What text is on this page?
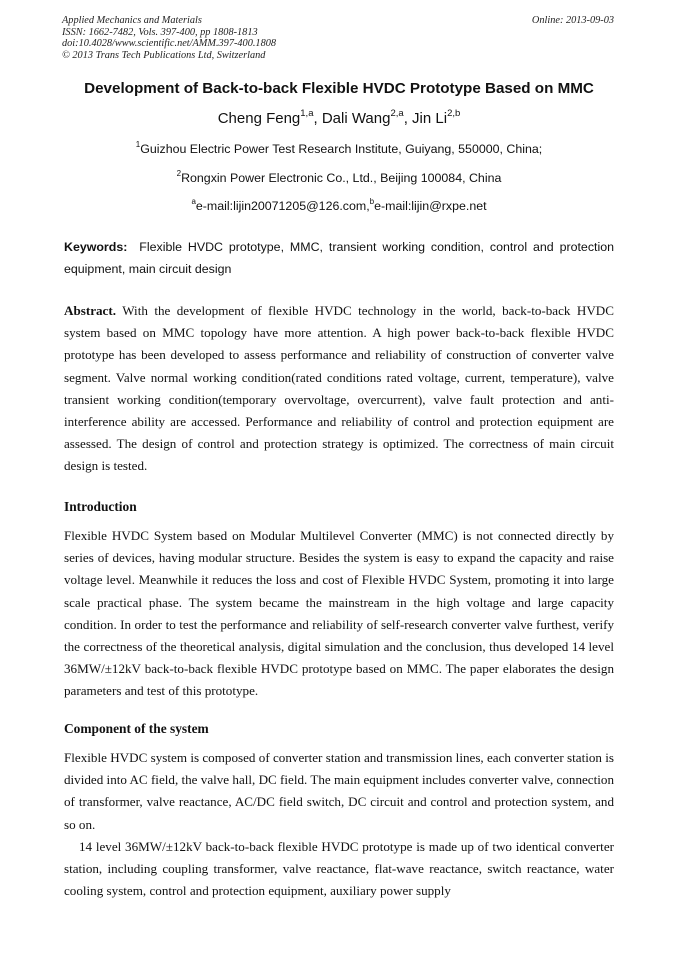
Applied Mechanics and Materials
ISSN: 1662-7482, Vols. 397-400, pp 1808-1813
doi:10.4028/www.scientific.net/AMM.397-400.1808
© 2013 Trans Tech Publications Ltd, Switzerland
Online: 2013-09-03
Development of Back-to-back Flexible HVDC Prototype Based on MMC
Cheng Feng$^{1,a}$, Dali Wang$^{2,a}$, Jin Li$^{2,b}$
$^1$Guizhou Electric Power Test Research Institute, Guiyang, 550000, China;
$^2$Rongxin Power Electronic Co., Ltd., Beijing 100084, China
$^a$e-mail:lijin20071205@126.com,$^b$e-mail:lijin@rxpe.net
Keywords: Flexible HVDC prototype, MMC, transient working condition, control and protection equipment, main circuit design

Abstract. With the development of flexible HVDC technology in the world, back-to-back HVDC system based on MMC topology have more attention. A high power back-to-back flexible HVDC prototype has been developed to assess performance and reliability of construction of converter valve segment. Valve normal working condition(rated conditions rated voltage, current, temperature), valve transient working condition(temporary overvoltage, overcurrent), valve fault protection and anti-interference ability are accessed. Performance and reliability of control and protection equipment are assessed. The design of control and protection strategy is optimized. The correctness of main circuit design is tested.

Introduction

Flexible HVDC System based on Modular Multilevel Converter (MMC) is not connected directly by series of devices, having modular structure. Besides the system is easy to expand the capacity and raise voltage level. Meanwhile it reduces the loss and cost of Flexible HVDC System, promoting it into large scale practical phase. The system became the mainstream in the high voltage and large capacity condition. In order to test the performance and reliability of self-research converter valve furthest, verify the correctness of the theoretical analysis, digital simulation and the conclusion, thus developed 14 level 36MW/±12kV back-to-back flexible HVDC prototype based on MMC. The paper elaborates the design parameters and test of this prototype.

Component of the system

Flexible HVDC system is composed of converter station and transmission lines, each converter station is divided into AC field, the valve hall, DC field. The main equipment includes converter valve, connection of transformer, valve reactance, AC/DC field switch, DC circuit and control and protection system, and so on.

14 level 36MW/±12kV back-to-back flexible HVDC prototype is made up of two identical converter station, including coupling transformer, valve reactance, flat-wave reactance, switch reactance, water cooling system, control and protection equipment, auxiliary power supply
